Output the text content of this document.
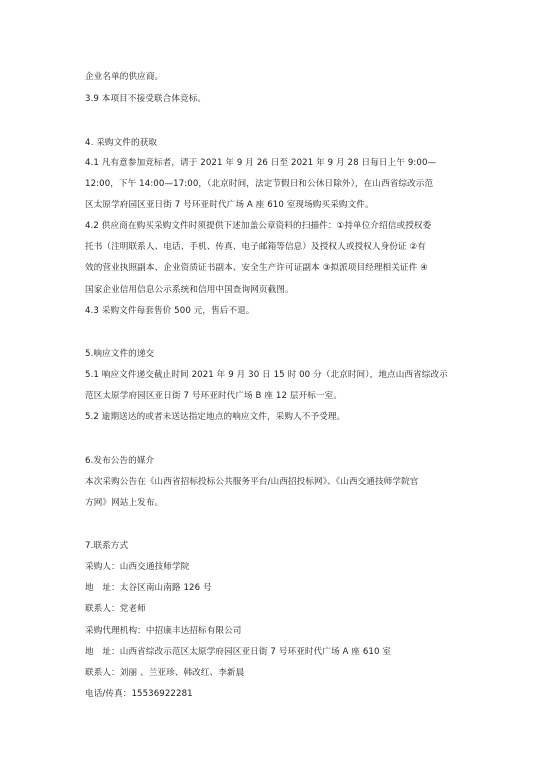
企业名单的供应商。
3.9 本项目不接受联合体竞标。
4. 采购文件的获取
4.1 凡有意参加竞标者，请于 2021 年 9 月 26 日至 2021 年 9 月 28 日每日上午 9:00—
12:00，下午 14:00—17:00，（北京时间，法定节假日和公休日除外），在山西省综改示范
区太原学府园区亚日街 7 号环亚时代广场 A 座 610 室现场购买采购文件。
4.2 供应商在购买采购文件时须提供下述加盖公章资料的扫描件：①持单位介绍信或授权委
托书（注明联系人、电话、手机、传真、电子邮箱等信息）及授权人或授权人身份证 ②有
效的营业执照副本、企业资质证书副本、安全生产许可证副本 ③拟派项目经理相关证件 ④
国家企业信用信息公示系统和信用中国查询网页截图。
4.3 采购文件每套售价 500 元，售后不退。
5.响应文件的递交
5.1 响应文件递交截止时间 2021 年 9 月 30 日 15 时 00 分（北京时间），地点山西省综改示
范区太原学府园区亚日街 7 号环亚时代广场 B 座 12 层开标一室。
5.2 逾期送达的或者未送达指定地点的响应文件，采购人不予受理。
6.发布公告的媒介
本次采购公告在《山西省招标投标公共服务平台/山西招投标网》、《山西交通技师学院官
方网》网站上发布。
7.联系方式
采购人：山西交通技师学院
地　址：太谷区南山南路 126 号
联系人：党老师
采购代理机构：中招康丰达招标有限公司
地　址：山西省综改示范区太原学府园区亚日街 7 号环亚时代广场 A 座 610 室
联系人：刘丽 、兰亚珍、韩改红、李新晨
电话/传真：15536922281
